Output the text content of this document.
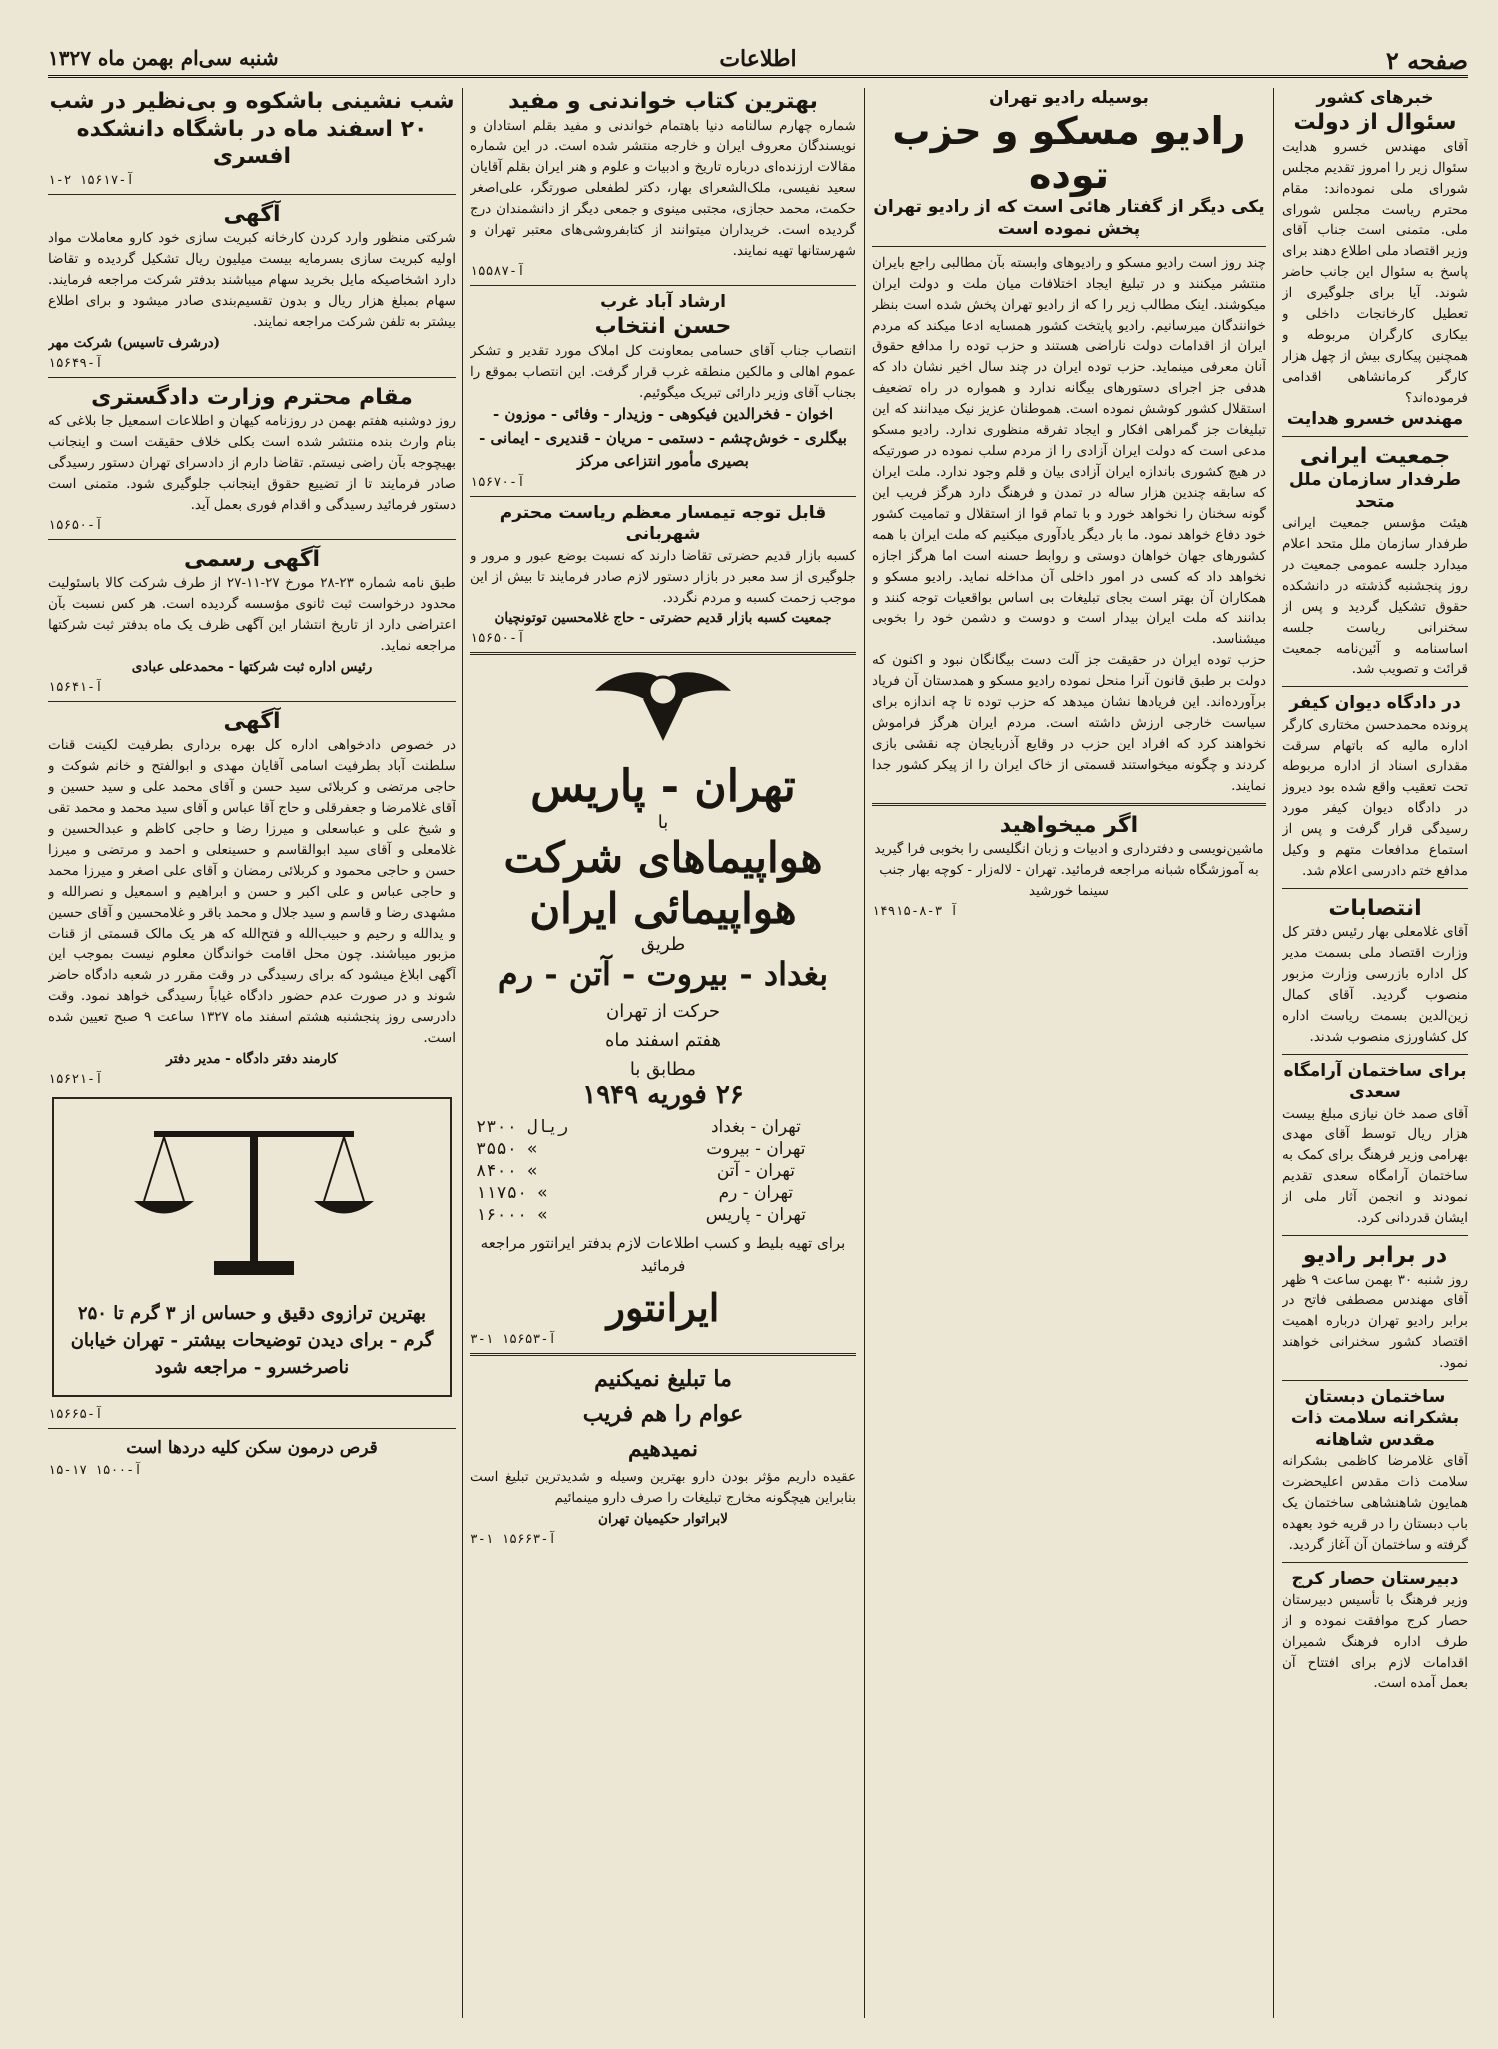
صفحه ۲
اطلاعات
شنبه سی‌ام بهمن ماه ۱۳۲۷
خبرهای کشور
سئوال از دولت

آقای مهندس خسرو هدایت سئوال زیر را امروز تقدیم مجلس شورای ملی نموده‌اند: مقام محترم ریاست مجلس شورای ملی. متمنی است جناب آقای وزیر اقتصاد ملی اطلاع دهند برای پاسخ به سئوال این جانب حاضر شوند. آیا برای جلوگیری از تعطیل کارخانجات داخلی و بیکاری کارگران مربوطه و همچنین پیکاری بیش از چهل هزار کارگر کرمانشاهی اقدامی فرموده‌اند؟

مهندس خسرو هدایت
جمعیت ایرانی
طرفدار سازمان ملل متحد

هیئت مؤسس جمعیت ایرانی طرفدار سازمان ملل متحد اعلام میدارد جلسه عمومی جمعیت در روز پنجشنبه گذشته در دانشکده حقوق تشکیل گردید و پس از سخنرانی ریاست جلسه اساسنامه و آئین‌نامه جمعیت قرائت و تصویب شد.

در دادگاه دیوان کیفر

پرونده محمدحسن مختاری کارگر اداره مالیه که باتهام سرقت مقداری اسناد از اداره مربوطه تحت تعقیب واقع شده بود دیروز در دادگاه دیوان کیفر مورد رسیدگی قرار گرفت و پس از استماع مدافعات متهم و وکیل مدافع ختم دادرسی اعلام شد.

انتصابات

آقای غلامعلی بهار رئیس دفتر کل وزارت اقتصاد ملی بسمت مدیر کل اداره بازرسی وزارت مزبور منصوب گردید. آقای کمال زین‌الدین بسمت ریاست اداره کل کشاورزی منصوب شدند.

برای ساختمان آرامگاه سعدی

آقای صمد خان نیازی مبلغ بیست هزار ریال توسط آقای مهدی بهرامی وزیر فرهنگ برای کمک به ساختمان آرامگاه سعدی تقدیم نمودند و انجمن آثار ملی از ایشان قدردانی کرد.

در برابر رادیو

روز شنبه ۳۰ بهمن ساعت ۹ ظهر آقای مهندس مصطفی فاتح در برابر رادیو تهران درباره اهمیت اقتصاد کشور سخنرانی خواهند نمود.

ساختمان دبستان بشکرانه سلامت ذات مقدس شاهانه

آقای غلامرضا کاظمی بشکرانه سلامت ذات مقدس اعلیحضرت همایون شاهنشاهی ساختمان یک باب دبستان را در قریه خود بعهده گرفته و ساختمان آن آغاز گردید.

دبیرستان حصار کرج

وزیر فرهنگ با تأسیس دبیرستان حصار کرج موافقت نموده و از طرف اداره فرهنگ شمیران اقدامات لازم برای افتتاح آن بعمل آمده است.

بوسیله رادیو تهران
رادیو مسکو و حزب توده
یکی دیگر از گفتار هائی است که از رادیو تهران پخش نموده است

چند روز است رادیو مسکو و رادیوهای وابسته بآن مطالبی راجع بایران منتشر میکنند و در تبلیغ ایجاد اختلافات میان ملت و دولت ایران میکوشند. اینک مطالب زیر را که از رادیو تهران پخش شده است بنظر خوانندگان میرسانیم. رادیو پایتخت کشور همسایه ادعا میکند که مردم ایران از اقدامات دولت ناراضی هستند و حزب توده را مدافع حقوق آنان معرفی مینماید. حزب توده ایران در چند سال اخیر نشان داد که هدفی جز اجرای دستورهای بیگانه ندارد و همواره در راه تضعیف استقلال کشور کوشش نموده است. هموطنان عزیز نیک میدانند که این تبلیغات جز گمراهی افکار و ایجاد تفرقه منظوری ندارد. رادیو مسکو مدعی است که دولت ایران آزادی را از مردم سلب نموده در صورتیکه در هیچ کشوری باندازه ایران آزادی بیان و قلم وجود ندارد. ملت ایران که سابقه چندین هزار ساله در تمدن و فرهنگ دارد هرگز فریب این گونه سخنان را نخواهد خورد و با تمام قوا از استقلال و تمامیت کشور خود دفاع خواهد نمود. ما بار دیگر یادآوری میکنیم که ملت ایران با همه کشورهای جهان خواهان دوستی و روابط حسنه است اما هرگز اجازه نخواهد داد که کسی در امور داخلی آن مداخله نماید. رادیو مسکو و همکاران آن بهتر است بجای تبلیغات بی اساس بواقعیات توجه کنند و بدانند که ملت ایران بیدار است و دوست و دشمن خود را بخوبی میشناسد.

حزب توده ایران در حقیقت جز آلت دست بیگانگان نبود و اکنون که دولت بر طبق قانون آنرا منحل نموده رادیو مسکو و همدستان آن فریاد برآورده‌اند. این فریادها نشان میدهد که حزب توده تا چه اندازه برای سیاست خارجی ارزش داشته است. مردم ایران هرگز فراموش نخواهند کرد که افراد این حزب در وقایع آذربایجان چه نقشی بازی کردند و چگونه میخواستند قسمتی از خاک ایران را از پیکر کشور جدا نمایند.

اگر میخواهید

ماشین‌نویسی و دفترداری و ادبیات و زبان انگلیسی را بخوبی فرا گیرید به آموزشگاه شبانه مراجعه فرمائید. تهران - لاله‌زار - کوچه بهار جنب سینما خورشید

۱۴۹۱۵-آ ۳-۸

بهترین کتاب خواندنی و مفید

شماره چهارم سالنامه دنیا باهتمام خواندنی و مفید بقلم استادان و نویسندگان معروف ایران و خارجه منتشر شده است. در این شماره مقالات ارزنده‌ای درباره تاریخ و ادبیات و علوم و هنر ایران بقلم آقایان سعید نفیسی، ملک‌الشعرای بهار، دکتر لطفعلی صورتگر، علی‌اصغر حکمت، محمد حجازی، مجتبی مینوی و جمعی دیگر از دانشمندان درج گردیده است. خریداران میتوانند از کتابفروشی‌های معتبر تهران و شهرستانها تهیه نمایند.

آ-۱۵۵۸۷

ارشاد آباد غرب
حسن انتخاب

انتصاب جناب آقای حسامی بمعاونت کل املاک مورد تقدیر و تشکر عموم اهالی و مالکین منطقه غرب قرار گرفت. این انتصاب بموقع را بجناب آقای وزیر دارائی تبریک میگوئیم.

اخوان - فخرالدین فیکوهی - وزیدار - وفائی - موزون - بیگلری - خوش‌چشم - دستمی - مریان - قندیری - ایمانی - بصیری مأمور انتزاعی مرکز

آ-۱۵۶۷۰

قابل توجه تیمسار معظم ریاست محترم شهربانی

کسبه بازار قدیم حضرتی تقاضا دارند که نسبت بوضع عبور و مرور و جلوگیری از سد معبر در بازار دستور لازم صادر فرمایند تا بیش از این موجب زحمت کسبه و مردم نگردد.

جمعیت کسبه بازار قدیم حضرتی - حاج غلامحسین توتونچیان

آ-۱۵۶۵۰

تهران - پاریس
با
هواپیماهای شرکت
هواپیمائی ایران
طریق
بغداد - بیروت - آتن - رم
حرکت از تهران
هفتم اسفند ماه
مطابق با
۲۶ فوریه ۱۹۴۹
تهران - بغداد	۲۳۰۰ ریال
تهران - بیروت	۳۵۵۰ «
تهران - آتن	۸۴۰۰ «
تهران - رم	۱۱۷۵۰ «
تهران - پاریس	۱۶۰۰۰ «
برای تهیه بلیط و کسب اطلاعات لازم بدفتر ایرانتور مراجعه فرمائید
ایرانتور

آ-۱۵۶۵۳ ۱-۳

ما تبلیغ نمیکنیم
عوام را هم فریب
نمیدهیم

عقیده داریم مؤثر بودن دارو بهترین وسیله و شدیدترین تبلیغ است بنابراین هیچگونه مخارج تبلیغات را صرف دارو مینمائیم

لابراتوار حکیمیان تهران

آ-۱۵۶۶۳ ۱-۳

شب نشینی باشکوه و بی‌نظیر در شب ۲۰ اسفند ماه در باشگاه دانشکده افسری

آ-۱۵۶۱۷ ۲-۱

آگهی

شرکتی منظور وارد کردن کارخانه کبریت سازی خود کارو معاملات مواد اولیه کبریت سازی بسرمایه بیست میلیون ریال تشکیل گردیده و تقاضا دارد اشخاصیکه مایل بخرید سهام میباشند بدفتر شرکت مراجعه فرمایند. سهام بمبلغ هزار ریال و بدون تقسیم‌بندی صادر میشود و برای اطلاع بیشتر به تلفن شرکت مراجعه نمایند.

(درشرف تاسیس) شرکت مهر

آ-۱۵۶۴۹

مقام محترم وزارت دادگستری

روز دوشنبه هفتم بهمن در روزنامه کیهان و اطلاعات اسمعیل جا بلاغی که بنام وارث بنده منتشر شده است بکلی خلاف حقیقت است و اینجانب بهیچوجه بآن راضی نیستم. تقاضا دارم از دادسرای تهران دستور رسیدگی صادر فرمایند تا از تضییع حقوق اینجانب جلوگیری شود. متمنی است دستور فرمائید رسیدگی و اقدام فوری بعمل آید.

آ-۱۵۶۵۰

آگهی رسمی

طبق نامه شماره ۲۳-۲۸ مورخ ۲۷-۱۱-۲۷ از طرف شرکت کالا باسئولیت محدود درخواست ثبت ثانوی مؤسسه گردیده است. هر کس نسبت بآن اعتراضی دارد از تاریخ انتشار این آگهی ظرف یک ماه بدفتر ثبت شرکتها مراجعه نماید.

رئیس اداره ثبت شرکتها - محمدعلی عبادی

آ-۱۵۶۴۱

آگهی

در خصوص دادخواهی اداره کل بهره برداری بطرفیت لکینت قنات سلطنت آباد بطرفیت اسامی آقایان مهدی و ابوالفتح و خانم شوکت و حاجی مرتضی و کربلائی سید حسن و آقای محمد علی و سید حسین و آقای غلامرضا و جعفرقلی و حاج آقا عباس و آقای سید محمد و محمد تقی و شیخ علی و عباسعلی و میرزا رضا و حاجی کاظم و عبدالحسین و غلامعلی و آقای سید ابوالقاسم و حسینعلی و احمد و مرتضی و میرزا حسن و حاجی محمود و کربلائی رمضان و آقای علی اصغر و میرزا محمد و حاجی عباس و علی اکبر و حسن و ابراهیم و اسمعیل و نصرالله و مشهدی رضا و قاسم و سید جلال و محمد باقر و غلامحسین و آقای حسین و یدالله و رحیم و حبیب‌الله و فتح‌الله که هر یک مالک قسمتی از قنات مزبور میباشند. چون محل اقامت خواندگان معلوم نیست بموجب این آگهی ابلاغ میشود که برای رسیدگی در وقت مقرر در شعبه دادگاه حاضر شوند و در صورت عدم حضور دادگاه غیاباً رسیدگی خواهد نمود. وقت دادرسی روز پنجشنبه هشتم اسفند ماه ۱۳۲۷ ساعت ۹ صبح تعیین شده است.

کارمند دفتر دادگاه - مدیر دفتر

آ-۱۵۶۲۱

بهترین ترازوی دقیق و حساس از ۳ گرم تا ۲۵۰ گرم - برای دیدن توضیحات بیشتر - تهران خیابان ناصرخسرو - مراجعه شود

آ-۱۵۶۶۵

قرص درمون سکن کلیه دردها است

آ-۱۵۰۰ ۱۷-۱۵
